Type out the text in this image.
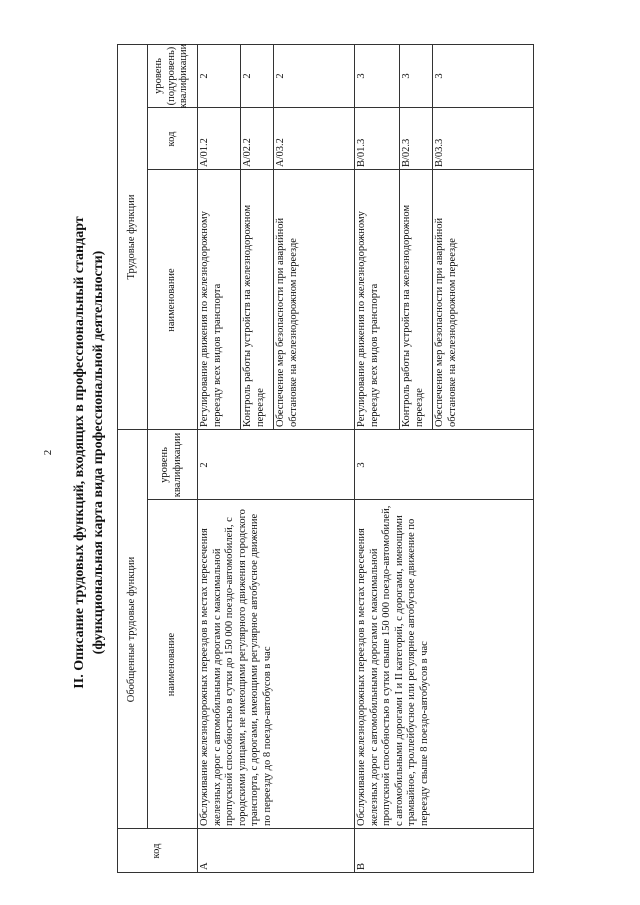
2 II. Описание трудовых функций, входящих в профессиональный стандарт (функциональная карта вида профессиональной деятельности)
код
Обобщенные трудовые функции
Трудовые функции
наименование
уровень квалификации
наименование
код
уровень (подуровень) квалификации
А
Обслуживание железнодорожных переездов в местах пересечения железных дорог с автомобильными дорогами с максимальной пропускной способностью в сутки до 150 000 поездо-автомобилей, с городскими улицами, не имеющими регулярного движения городского транспорта, с дорогами, имеющими регулярное автобусное движение по переезду до 8 поездо-автобусов в час
2
Регулирование движения по железнодорожному переезду всех видов транспорта
А/01.2
2
Контроль работы устройств на железнодорожном переезде
А/02.2
2
Обеспечение мер безопасности при аварийной обстановке на железнодорожном переезде
А/03.2
2
В
Обслуживание железнодорожных переездов в местах пересечения железных дорог с автомобильными дорогами с максимальной пропускной способностью в сутки свыше 150 000 поездо-автомобилей, с автомобильными дорогами I и II категорий, с дорогами, имеющими трамвайное, троллейбусное или регулярное автобусное движение по переезду свыше 8 поездо-автобусов в час
3
Регулирование движения по железнодорожному переезду всех видов транспорта
В/01.3
3
Контроль работы устройств на железнодорожном переезде
В/02.3
3
Обеспечение мер безопасности при аварийной обстановке на железнодорожном переезде
В/03.3
3
